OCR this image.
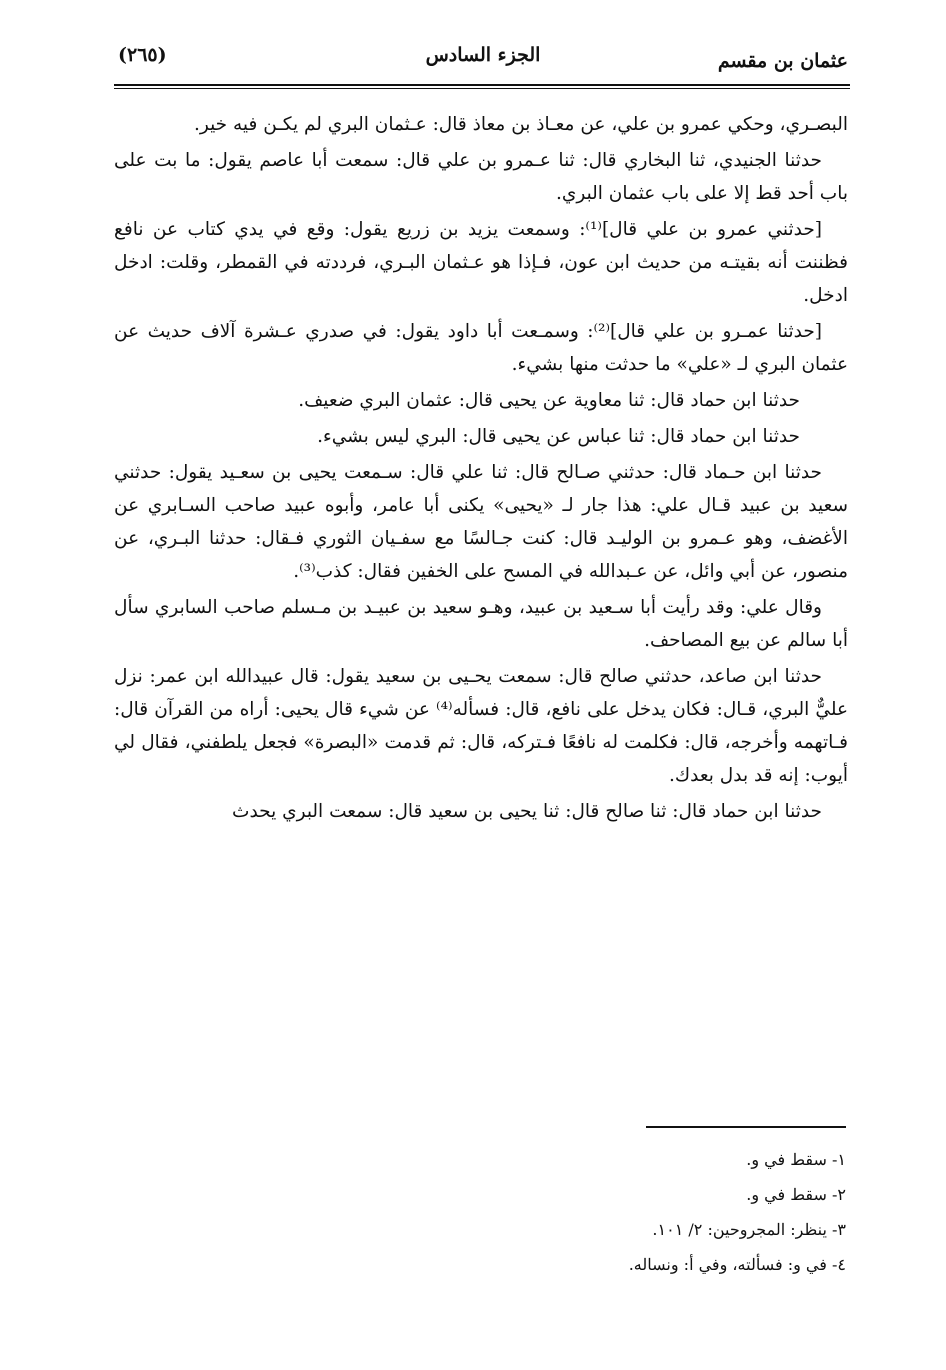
عثمان بن مقسم
الجزء السادس
(٢٦٥)

البصـري، وحكي عمرو بن علي، عن معـاذ بن معاذ قال: عـثمان البري لم يكـن فيه خير.

حدثنا الجنيدي، ثنا البخاري قال: ثنا عـمرو بن علي قال: سمعت أبا عاصم يقول: ما بت على باب أحد قط إلا على باب عثمان البري.

[حدثني عمرو بن علي قال]⁽¹⁾: وسمعت يزيد بن زريع يقول: وقع في يدي كتاب عن نافع فظننت أنه بقيتـه من حديث ابن عون، فـإذا هو عـثمان البـري، فرددته في القمطر، وقلت: ادخل ادخل.

[حدثنا عمـرو بن علي قال]⁽²⁾: وسمـعت أبا داود يقول: في صدري عـشرة آلاف حديث عن عثمان البري لـ «علي» ما حدثت منها بشيء.

حدثنا ابن حماد قال: ثنا معاوية عن يحيى قال: عثمان البري ضعيف.

حدثنا ابن حماد قال: ثنا عباس عن يحيى قال: البري ليس بشيء.

حدثنا ابن حـماد قال: حدثني صـالح قال: ثنا علي قال: سـمعت يحيى بن سعـيد يقول: حدثني سعيد بن عبيد قـال علي: هذا جار لـ «يحيى» يكنى أبا عامر، وأبوه عبيد صاحب السـابري عن الأغضف، وهو عـمرو بن الوليـد قال: كنت جـالسًا مع سفـيان الثوري فـقال: حدثنا البـري، عن منصور، عن أبي وائل، عن عـبدالله في المسح على الخفين فقال: كذب⁽³⁾.

وقال علي: وقد رأيت أبا سـعيد بن عبيد، وهـو سعيد بن عبيـد بن مـسلم صاحب السابري سأل أبا سالم عن بيع المصاحف.

حدثنا ابن صاعد، حدثني صالح قال: سمعت يحـيى بن سعيد يقول: قال عبيدالله ابن عمر: نزل عليٌّ البري، قـال: فكان يدخل على نافع، قال: فسأله⁽⁴⁾ عن شيء قال يحيى: أراه من القرآن قال: فـاتهمه وأخرجه، قال: فكلمت له نافعًا فـتركه، قال: ثم قدمت «البصرة» فجعل يلطفني، فقال لي أيوب: إنه قد بدل بعدك.

حدثنا ابن حماد قال: ثنا صالح قال: ثنا يحيى بن سعيد قال: سمعت البري يحدث

١- سقط في و.
٢- سقط في و.
٣- ينظر: المجروحين: ٢/ ١٠١.
٤- في و: فسألته، وفي أ: ونساله.
